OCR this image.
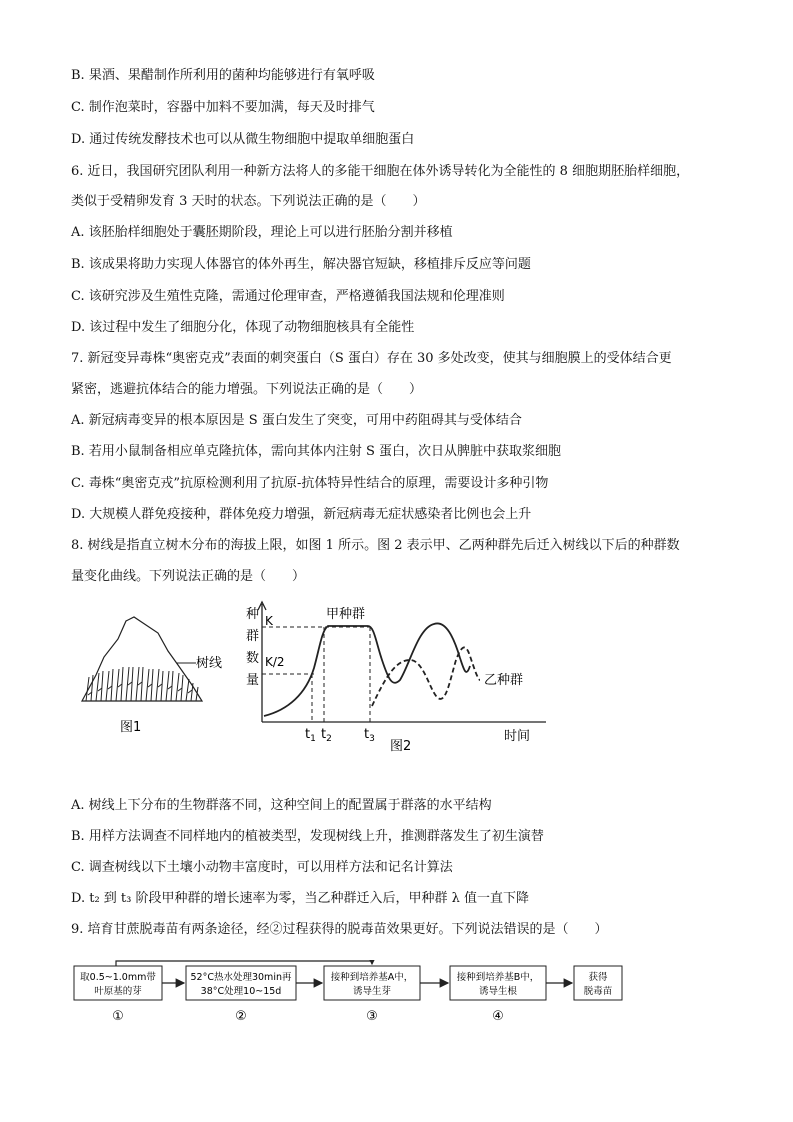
B. 果酒、果醋制作所利用的菌种均能够进行有氧呼吸
C. 制作泡菜时，容器中加料不要加满，每天及时排气
D. 通过传统发酵技术也可以从微生物细胞中提取单细胞蛋白
6. 近日，我国研究团队利用一种新方法将人的多能干细胞在体外诱导转化为全能性的 8 细胞期胚胎样细胞，
类似于受精卵发育 3 天时的状态。下列说法正确的是（　　）
A. 该胚胎样细胞处于囊胚期阶段，理论上可以进行胚胎分割并移植
B. 该成果将助力实现人体器官的体外再生，解决器官短缺，移植排斥反应等问题
C. 该研究涉及生殖性克隆，需通过伦理审查，严格遵循我国法规和伦理准则
D. 该过程中发生了细胞分化，体现了动物细胞核具有全能性
7. 新冠变异毒株“奥密克戎”表面的刺突蛋白（S 蛋白）存在 30 多处改变，使其与细胞膜上的受体结合更
紧密，逃避抗体结合的能力增强。下列说法正确的是（　　）
A. 新冠病毒变异的根本原因是 S 蛋白发生了突变，可用中药阻碍其与受体结合
B. 若用小鼠制备相应单克隆抗体，需向其体内注射 S 蛋白，次日从脾脏中获取浆细胞
C. 毒株“奥密克戎”抗原检测利用了抗原-抗体特异性结合的原理，需要设计多种引物
D. 大规模人群免疫接种，群体免疫力增强，新冠病毒无症状感染者比例也会上升
8. 树线是指直立树木分布的海拔上限，如图 1 所示。图 2 表示甲、乙两种群先后迁入树线以下后的种群数
量变化曲线。下列说法正确的是（　　）
A. 树线上下分布的生物群落不同，这种空间上的配置属于群落的水平结构
B. 用样方法调查不同样地内的植被类型，发现树线上升，推测群落发生了初生演替
C. 调查树线以下土壤小动物丰富度时，可以用样方法和记名计算法
D. t₂ 到 t₃ 阶段甲种群的增长速率为零，当乙种群迁入后，甲种群 λ 值一直下降
9. 培育甘蔗脱毒苗有两条途径，经②过程获得的脱毒苗效果更好。下列说法错误的是（　　）
树线
图1
种
群
数
量
K
K/2
甲种群
乙种群
$t_1$ $t_2$ $t_3$ 图2
时间
取0.5~1.0mm带
叶原基的芽
52°C热水处理30min再
38°C处理10~15d
接种到培养基A中，
诱导生芽
接种到培养基B中，
诱导生根
获得
脱毒苗
①	②	③	④
